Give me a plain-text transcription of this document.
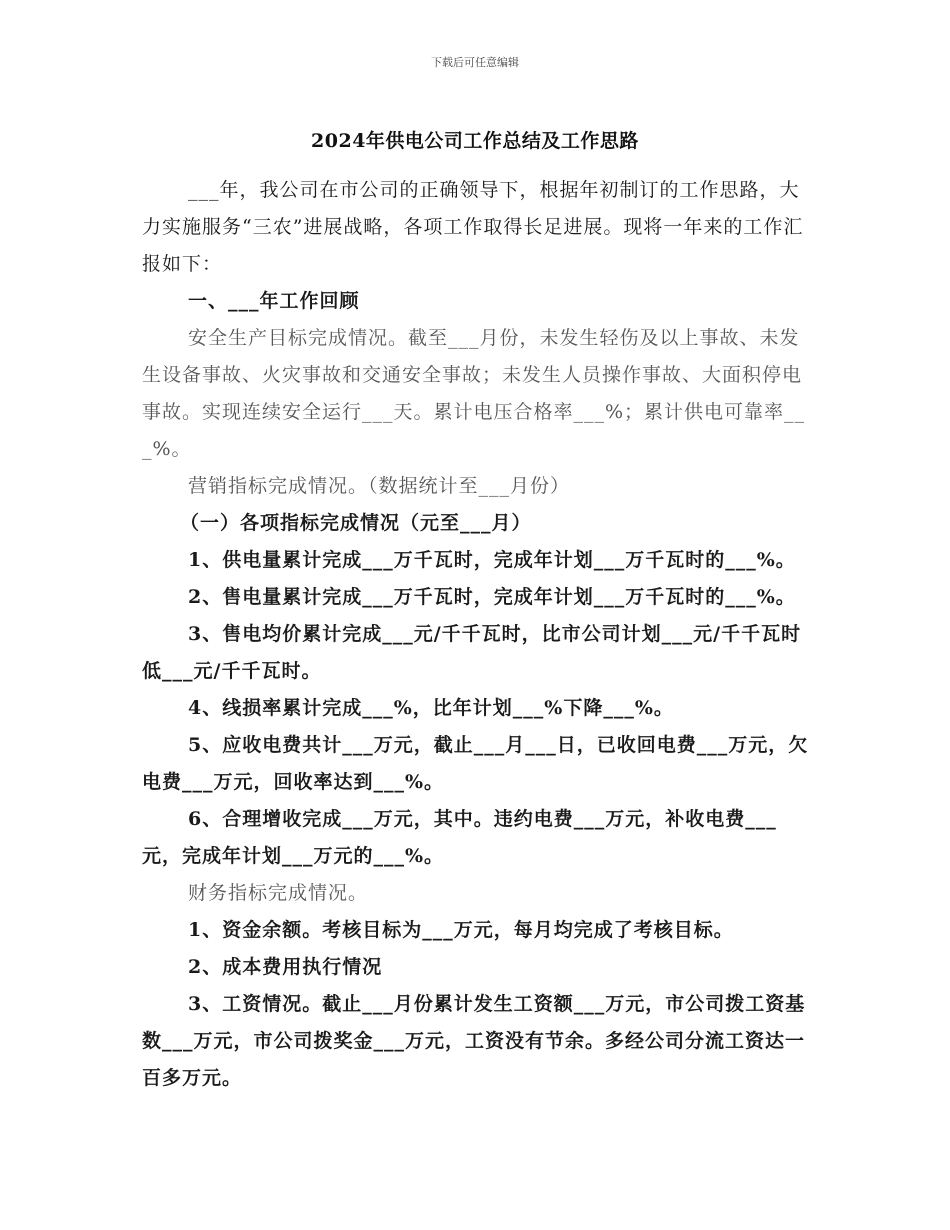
下载后可任意编辑
2024年供电公司工作总结及工作思路

___年，我公司在市公司的正确领导下，根据年初制订的工作思路，大力实施服务“三农”进展战略，各项工作取得长足进展。现将一年来的工作汇报如下：

一、___年工作回顾

安全生产目标完成情况。截至___月份，未发生轻伤及以上事故、未发生设备事故、火灾事故和交通安全事故；未发生人员操作事故、大面积停电事故。实现连续安全运行___天。累计电压合格率___%；累计供电可靠率___%。

营销指标完成情况。（数据统计至___月份）

（一）各项指标完成情况（元至___月）

1、供电量累计完成___万千瓦时，完成年计划___万千瓦时的___%。

2、售电量累计完成___万千瓦时，完成年计划___万千瓦时的___%。

3、售电均价累计完成___元/千千瓦时，比市公司计划___元/千千瓦时低___元/千千瓦时。

4、线损率累计完成___%，比年计划___%下降___%。

5、应收电费共计___万元，截止___月___日，已收回电费___万元，欠电费___万元，回收率达到___%。

6、合理增收完成___万元，其中。违约电费___万元，补收电费___元，完成年计划___万元的___%。

财务指标完成情况。

1、资金余额。考核目标为___万元，每月均完成了考核目标。

2、成本费用执行情况

3、工资情况。截止___月份累计发生工资额___万元，市公司拨工资基数___万元，市公司拨奖金___万元，工资没有节余。多经公司分流工资达一百多万元。
